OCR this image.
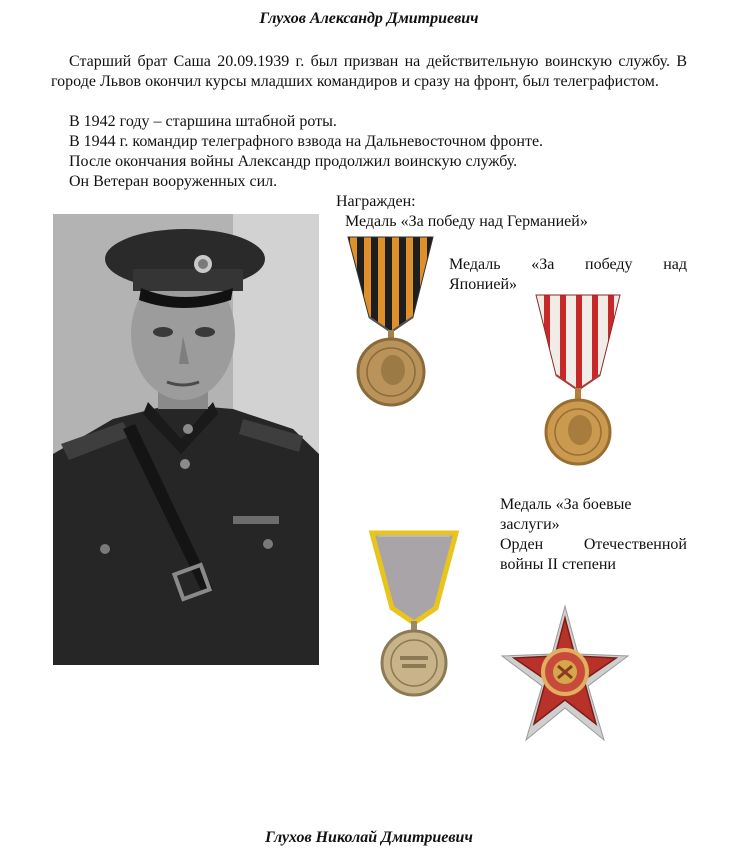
Глухов Александр Дмитриевич
Старший брат Саша 20.09.1939 г. был призван на действительную воинскую службу. В городе Львов окончил курсы младших командиров и сразу на фронт, был телеграфистом.
В 1942 году – старшина штабной роты.
В 1944 г. командир телеграфного взвода на Дальневосточном фронте.
После окончания войны Александр продолжил воинскую службу.
Он Ветеран вооруженных сил.
Награжден:
Медаль «За победу над Германией»
Медаль «За победу над
Японией»
Медаль «За боевые
заслуги»
Орден Отечественной
войны II степени
Глухов Николай Дмитриевич
